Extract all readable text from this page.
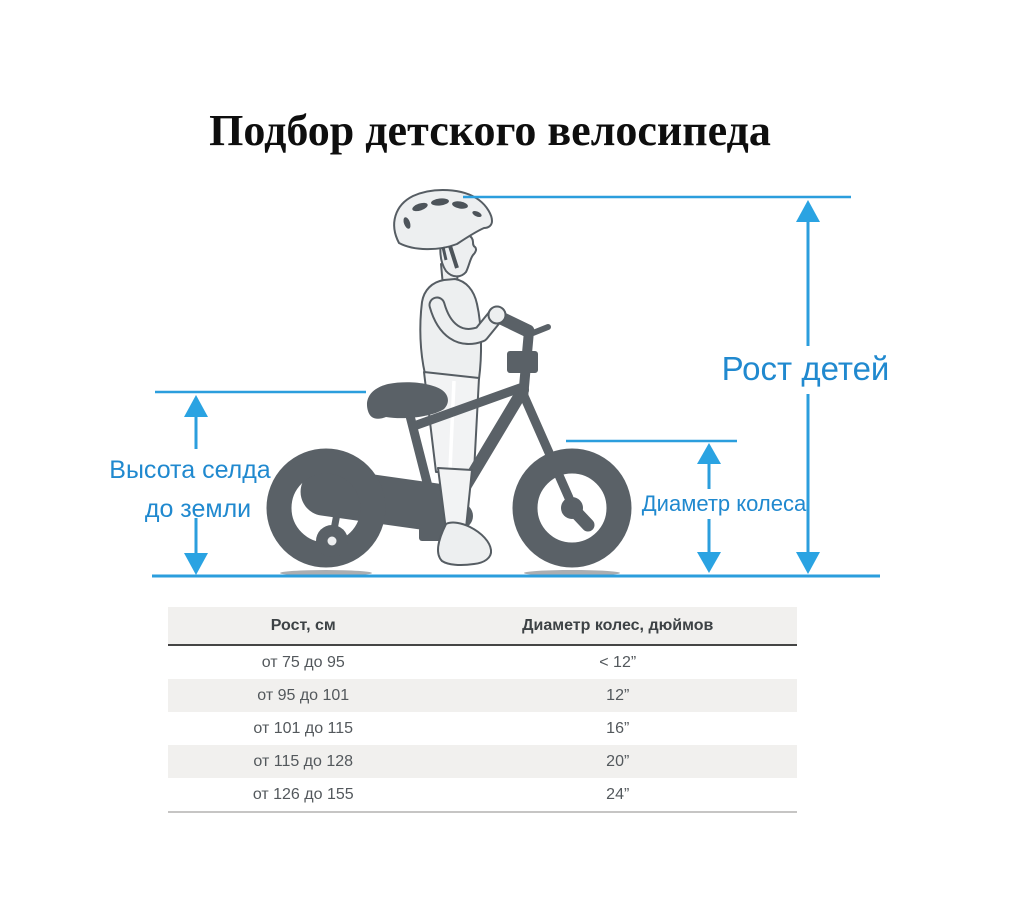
Подбор детского велосипеда
Высота селда
до земли
Рост детей
Диаметр колеса
Рост, см	Диаметр колес, дюймов
от 75 до 95	< 12”
от 95 до 101	12”
от 101 до 115	16”
от 115 до 128	20”
от 126 до 155	24”
